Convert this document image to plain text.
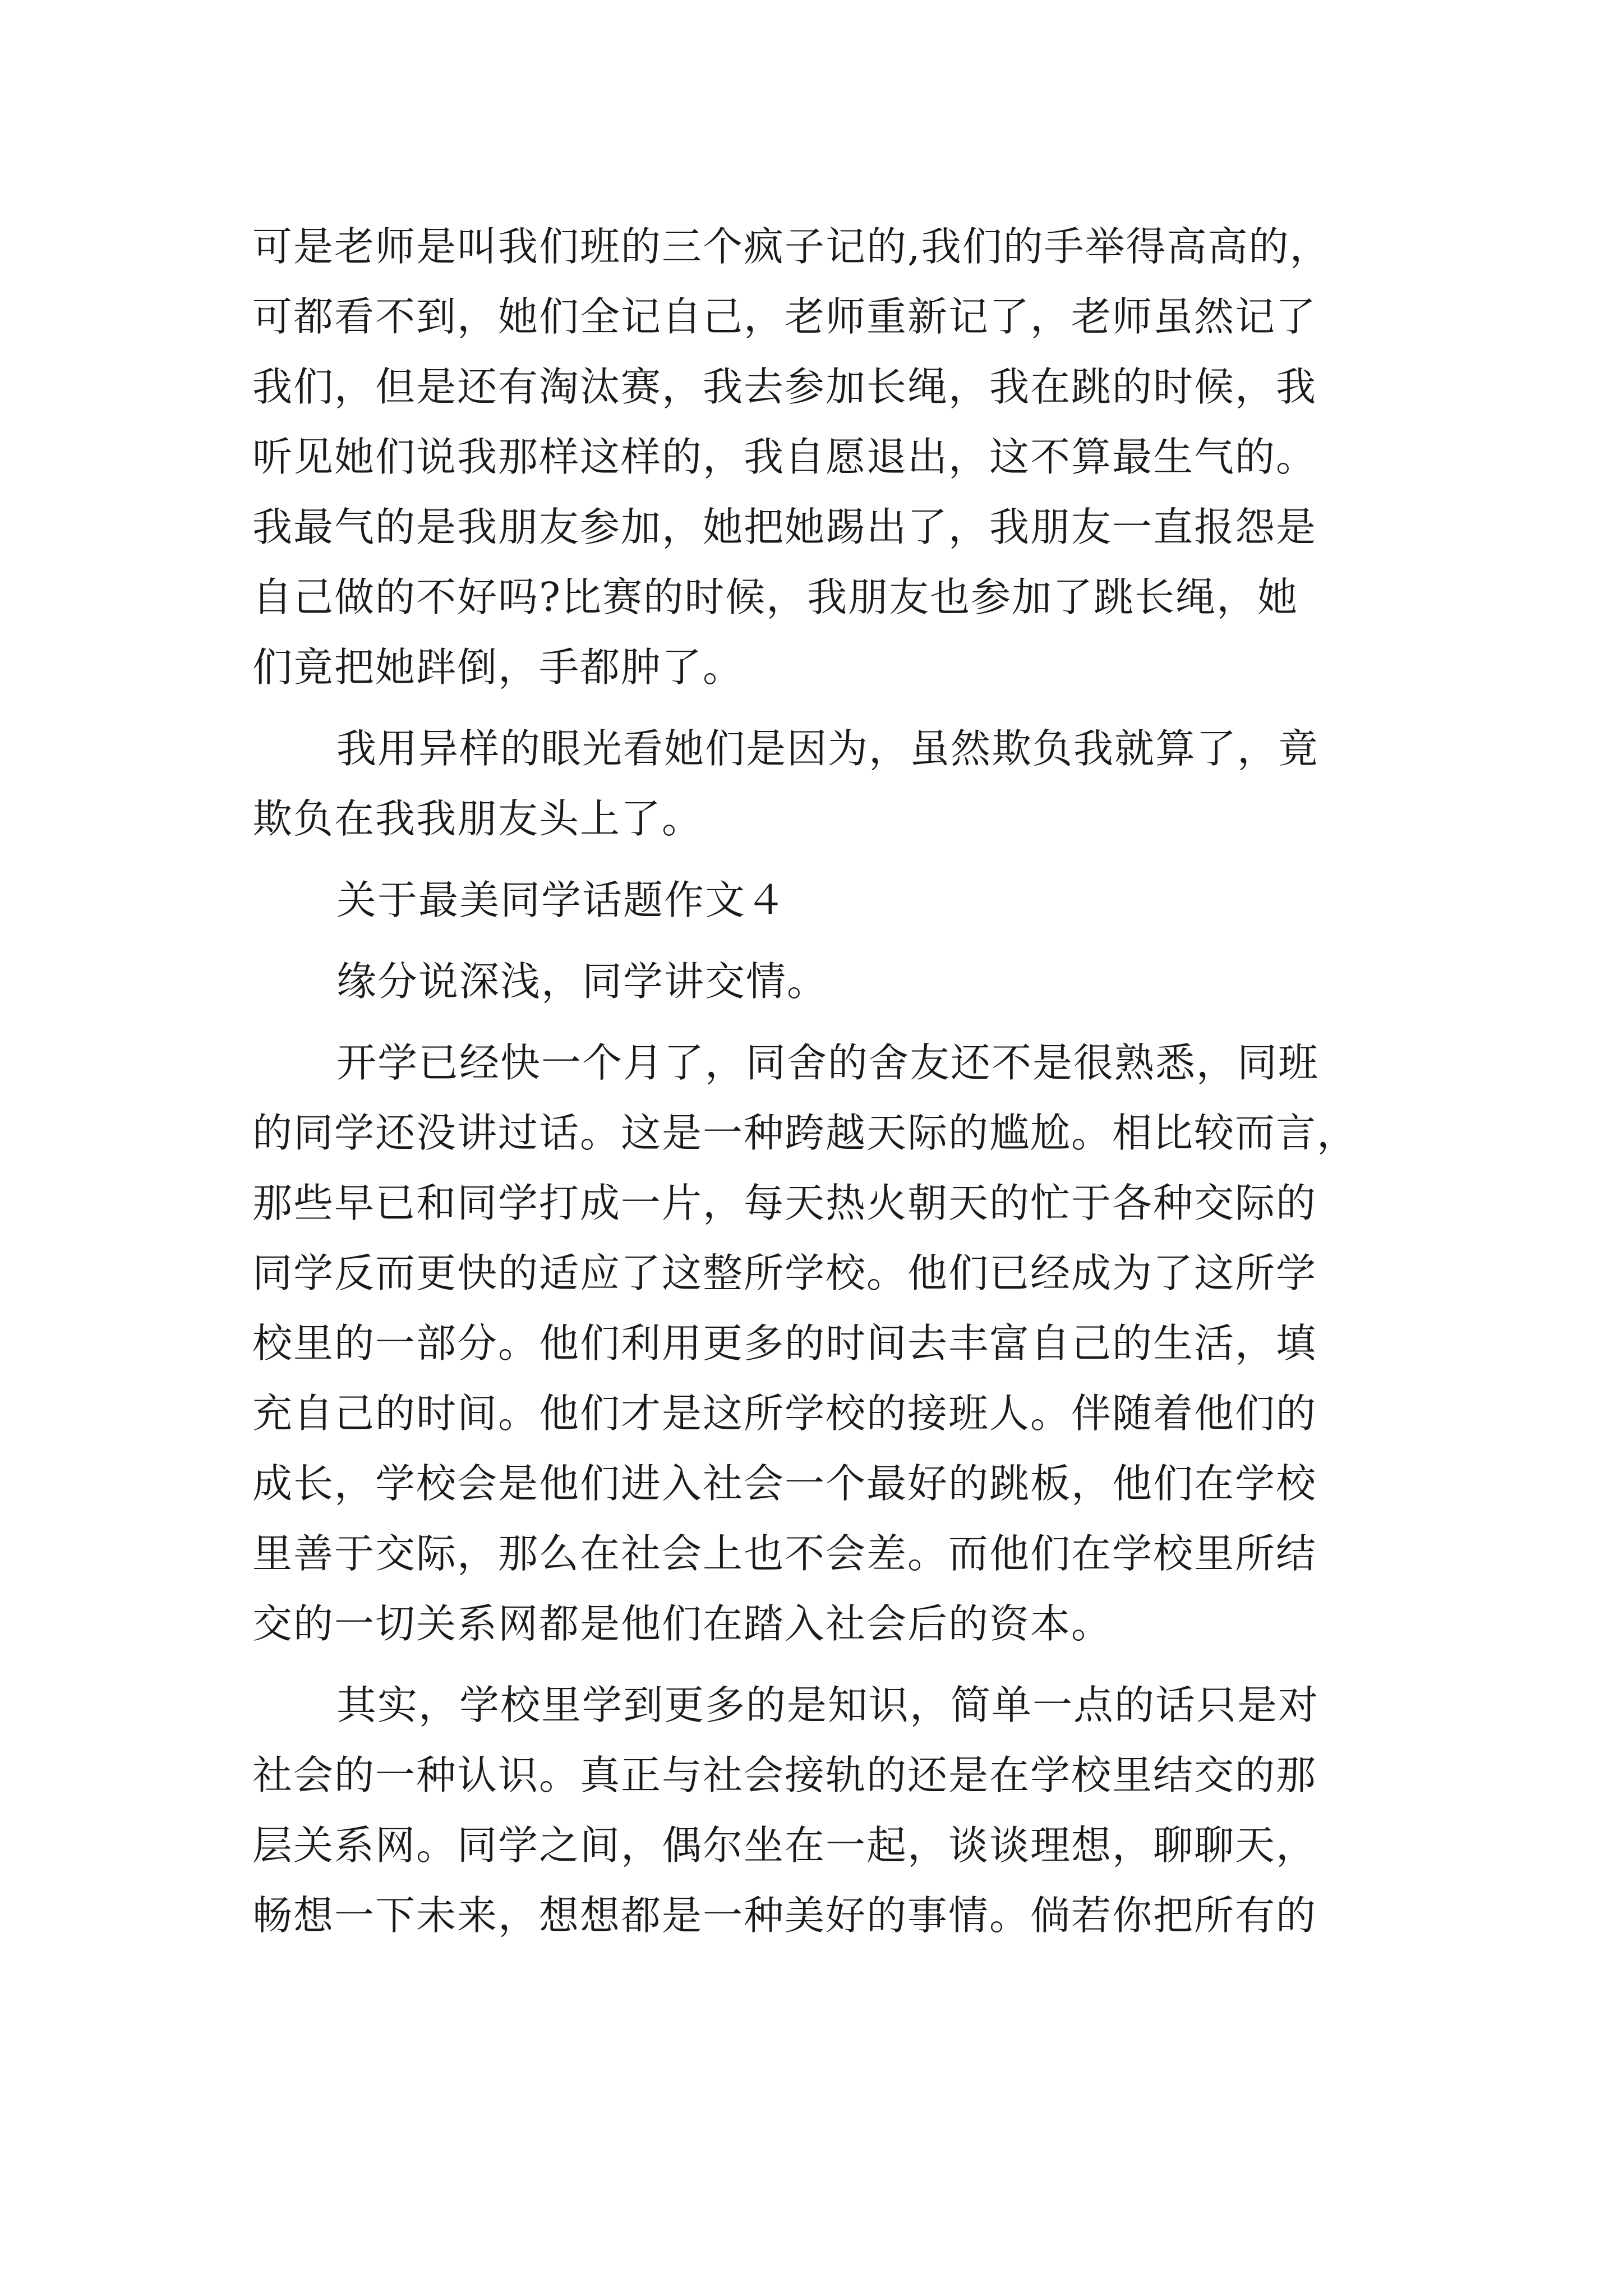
可是老师是叫我们班的三个疯子记的,我们的手举得高高的，
可都看不到，她们全记自己，老师重新记了，老师虽然记了
我们，但是还有淘汰赛，我去参加长绳，我在跳的时候，我
听见她们说我那样这样的，我自愿退出，这不算最生气的。
我最气的是我朋友参加，她把她踢出了，我朋友一直报怨是
自己做的不好吗?比赛的时候，我朋友也参加了跳长绳，她
们竟把她跘倒，手都肿了。
我用异样的眼光看她们是因为，虽然欺负我就算了，竟
欺负在我我朋友头上了。
关于最美同学话题作文４
缘分说深浅，同学讲交情。
开学已经快一个月了，同舍的舍友还不是很熟悉，同班
的同学还没讲过话。这是一种跨越天际的尴尬。相比较而言，
那些早已和同学打成一片，每天热火朝天的忙于各种交际的
同学反而更快的适应了这整所学校。他们已经成为了这所学
校里的一部分。他们利用更多的时间去丰富自己的生活，填
充自己的时间。他们才是这所学校的接班人。伴随着他们的
成长，学校会是他们进入社会一个最好的跳板，他们在学校
里善于交际，那么在社会上也不会差。而他们在学校里所结
交的一切关系网都是他们在踏入社会后的资本。
其实，学校里学到更多的是知识，简单一点的话只是对
社会的一种认识。真正与社会接轨的还是在学校里结交的那
层关系网。同学之间，偶尔坐在一起，谈谈理想，聊聊天，
畅想一下未来，想想都是一种美好的事情。倘若你把所有的
